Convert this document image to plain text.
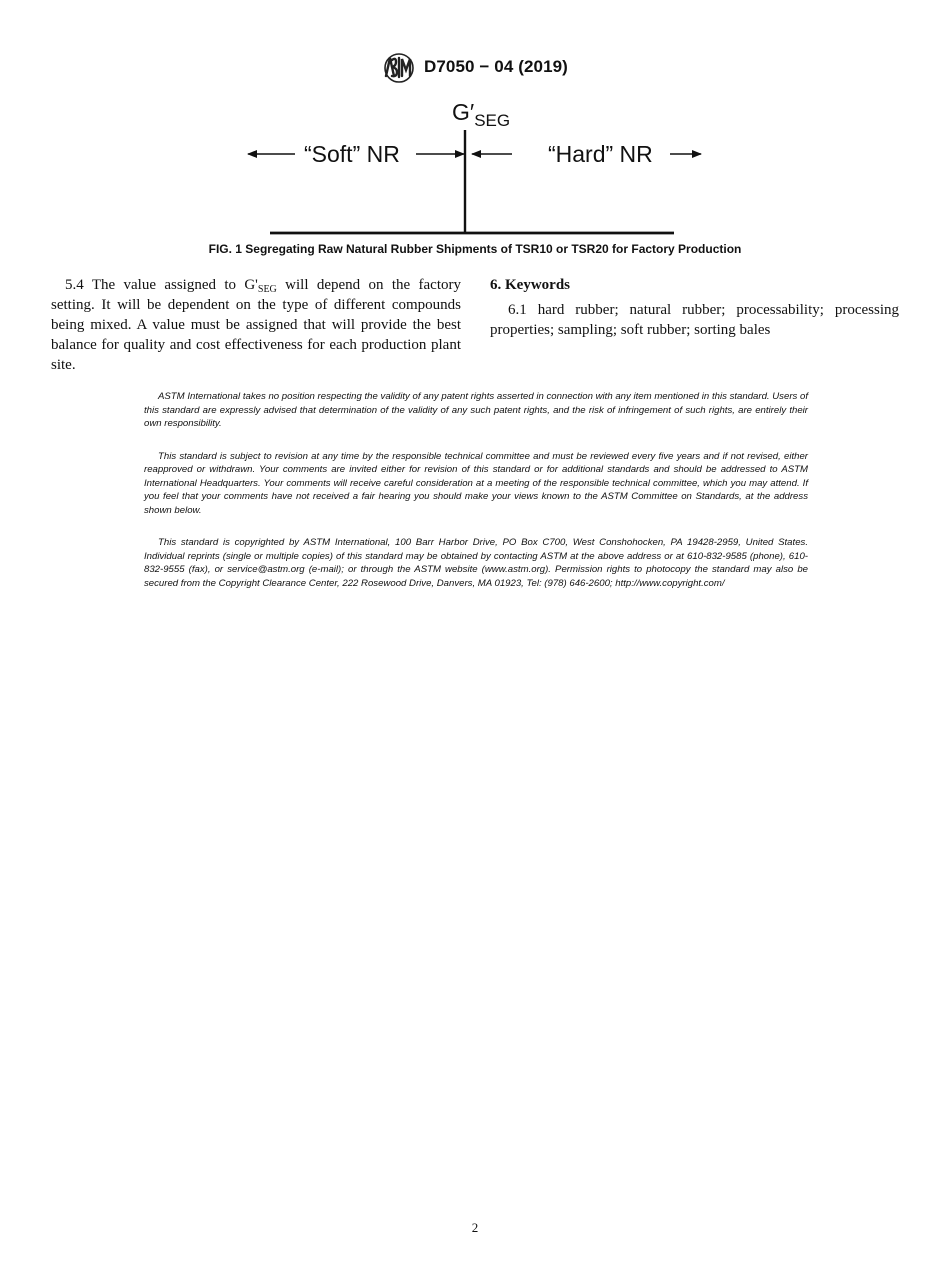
D7050 − 04 (2019)
$G'_{SEG}$
“Soft” NR	“Hard” NR
FIG. 1 Segregating Raw Natural Rubber Shipments of TSR10 or TSR20 for Factory Production

5.4 The value assigned to $G'_{SEG}$ will depend on the factory setting. It will be dependent on the type of different compounds being mixed. A value must be assigned that will provide the best balance for quality and cost effectiveness for each production plant site.

6. Keywords

6.1 hard rubber; natural rubber; processability; processing properties; sampling; soft rubber; sorting bales

ASTM International takes no position respecting the validity of any patent rights asserted in connection with any item mentioned in this standard. Users of this standard are expressly advised that determination of the validity of any such patent rights, and the risk of infringement of such rights, are entirely their own responsibility.

This standard is subject to revision at any time by the responsible technical committee and must be reviewed every five years and if not revised, either reapproved or withdrawn. Your comments are invited either for revision of this standard or for additional standards and should be addressed to ASTM International Headquarters. Your comments will receive careful consideration at a meeting of the responsible technical committee, which you may attend. If you feel that your comments have not received a fair hearing you should make your views known to the ASTM Committee on Standards, at the address shown below.

This standard is copyrighted by ASTM International, 100 Barr Harbor Drive, PO Box C700, West Conshohocken, PA 19428-2959, United States. Individual reprints (single or multiple copies) of this standard may be obtained by contacting ASTM at the above address or at 610-832-9585 (phone), 610-832-9555 (fax), or service@astm.org (e-mail); or through the ASTM website (www.astm.org). Permission rights to photocopy the standard may also be secured from the Copyright Clearance Center, 222 Rosewood Drive, Danvers, MA 01923, Tel: (978) 646-2600; http://www.copyright.com/

2
